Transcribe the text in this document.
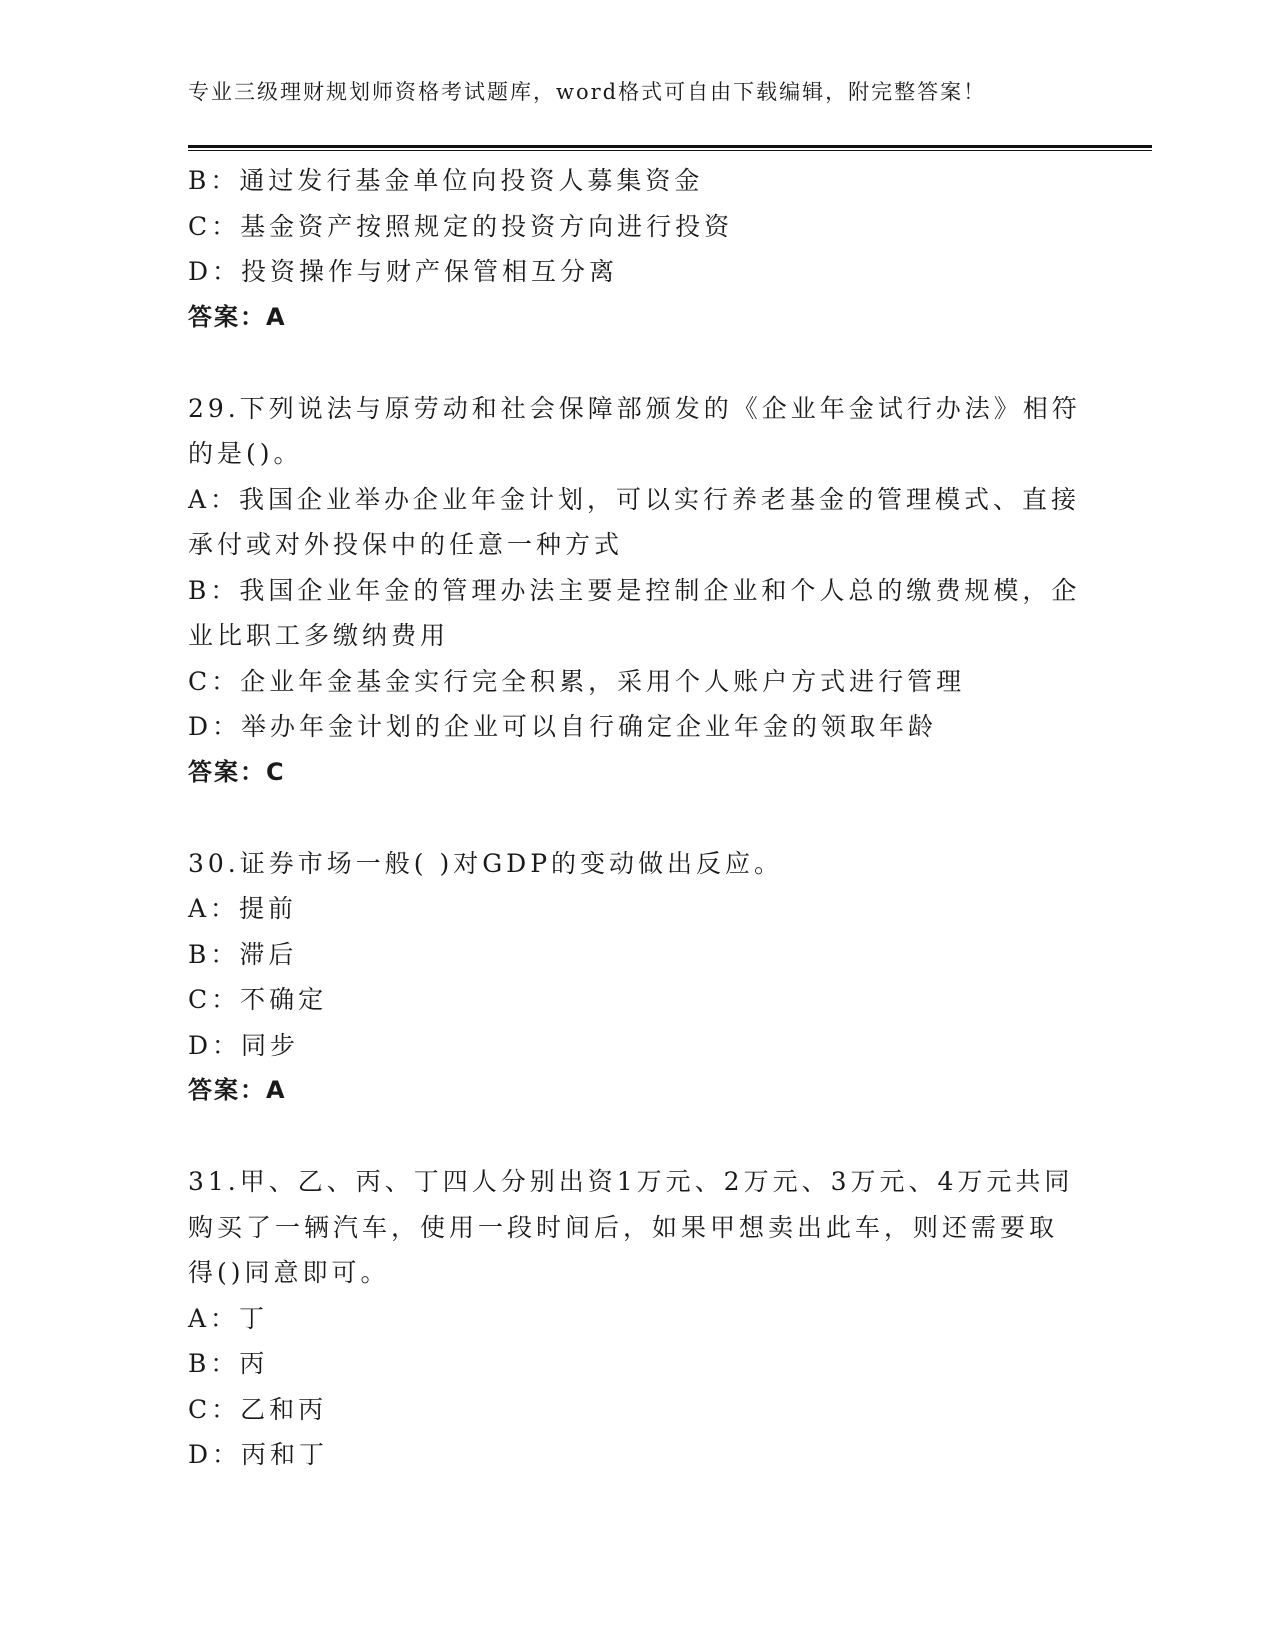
专业三级理财规划师资格考试题库，word格式可自由下载编辑，附完整答案！
B：通过发行基金单位向投资人募集资金
C：基金资产按照规定的投资方向进行投资
D：投资操作与财产保管相互分离
答案：A
29.下列说法与原劳动和社会保障部颁发的《企业年金试行办法》相符
的是()。
A：我国企业举办企业年金计划，可以实行养老基金的管理模式、直接
承付或对外投保中的任意一种方式
B：我国企业年金的管理办法主要是控制企业和个人总的缴费规模，企
业比职工多缴纳费用
C：企业年金基金实行完全积累，采用个人账户方式进行管理
D：举办年金计划的企业可以自行确定企业年金的领取年龄
答案：C
30.证券市场一般( )对GDP的变动做出反应。
A：提前
B：滞后
C：不确定
D：同步
答案：A
31.甲、乙、丙、丁四人分别出资1万元、2万元、3万元、4万元共同
购买了一辆汽车，使用一段时间后，如果甲想卖出此车，则还需要取
得()同意即可。
A：丁
B：丙
C：乙和丙
D：丙和丁
